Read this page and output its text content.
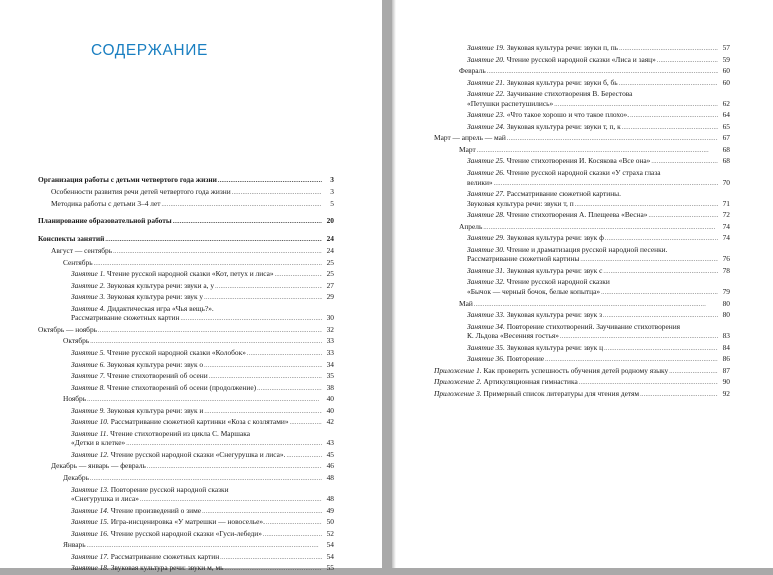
СОДЕРЖАНИЕ
Организация работы с детьми четвертого года жизни . . .	3
Особенности развития речи детей четвертого года жизни . . .	3
Методика работы с детьми 3–4 лет . . .	5
Планирование образовательной работы . . .	20
Конспекты занятий . . .	24
Август — сентябрь . . .	24
Сентябрь . . .	25
Занятие 1. Чтение русской народной сказки «Кот, петух и лиса» . . .	25
Занятие 2. Звуковая культура речи: звуки а, у . . .	27
Занятие 3. Звуковая культура речи: звук у . . .	29
Занятие 4. Дидактическая игра «Чья вещь?».
Рассматривание сюжетных картин . . .	30
Октябрь — ноябрь . . .	32
Октябрь . . .	33
Занятие 5. Чтение русской народной сказки «Колобок» . . .	33
Занятие 6. Звуковая культура речи: звук о . . .	34
Занятие 7. Чтение стихотворений об осени . . .	35
Занятие 8. Чтение стихотворений об осени (продолжение) . . .	38
Ноябрь . . .	40
Занятие 9. Звуковая культура речи: звук и . . .	40
Занятие 10. Рассматривание сюжетной картинки «Коза с козлятами» . . .	42
Занятие 11. Чтение стихотворений из цикла С. Маршака
«Детки в клетке» . . .	43
Занятие 12. Чтение русской народной сказки «Снегурушка и лиса». . . .	45
Декабрь — январь — февраль . . .	46
Декабрь . . .	48
Занятие 13. Повторение русской народной сказки
«Снегурушка и лиса» . . .	48
Занятие 14. Чтение произведений о зиме . . .	49
Занятие 15. Игра-инсценировка «У матрешки — новоселье». . . .	50
Занятие 16. Чтение русской народной сказки «Гуси-лебеди» . . .	52
Январь . . .	54
Занятие 17. Рассматривание сюжетных картин . . .	54
Занятие 18. Звуковая культура речи: звуки м, мь . . .	55
Занятие 19. Звуковая культура речи: звуки п, пь . . .	57
Занятие 20. Чтение русской народной сказки «Лиса и заяц» . . .	59
Февраль . . .	60
Занятие 21. Звуковая культура речи: звуки б, бь . . .	60
Занятие 22. Заучивание стихотворения В. Берестова
«Петушки распетушились» . . .	62
Занятие 23. «Что такое хорошо и что такое плохо». . . .	64
Занятие 24. Звуковая культура речи: звуки т, п, к . . .	65
Март — апрель — май . . .	67
Март . . .	68
Занятие 25. Чтение стихотворения И. Косякова «Все она» . . .	68
Занятие 26. Чтение русской народной сказки «У страха глаза
велики» . . .	70
Занятие 27. Рассматривание сюжетной картины.
Звуковая культура речи: звуки т, п . . .	71
Занятие 28. Чтение стихотворения А. Плещеева «Весна» . . .	72
Апрель . . .	74
Занятие 29. Звуковая культура речи: звук ф . . .	74
Занятие 30. Чтение и драматизация русской народной песенки.
Рассматривание сюжетной картины . . .	76
Занятие 31. Звуковая культура речи: звук с . . .	78
Занятие 32. Чтение русской народной сказки
«Бычок — черный бочок, белые копытца» . . .	79
Май . . .	80
Занятие 33. Звуковая культура речи: звук з . . .	80
Занятие 34. Повторение стихотворений. Заучивание стихотворения
К. Льдова «Весенняя гостья» . . .	83
Занятие 35. Звуковая культура речи: звук ц . . .	84
Занятие 36. Повторение . . .	86
Приложение 1. Как проверить успешность обучения детей родному языку . . .	87
Приложение 2. Артикуляционная гимнастика . . .	90
Приложение 3. Примерный список литературы для чтения детям . . .	92
